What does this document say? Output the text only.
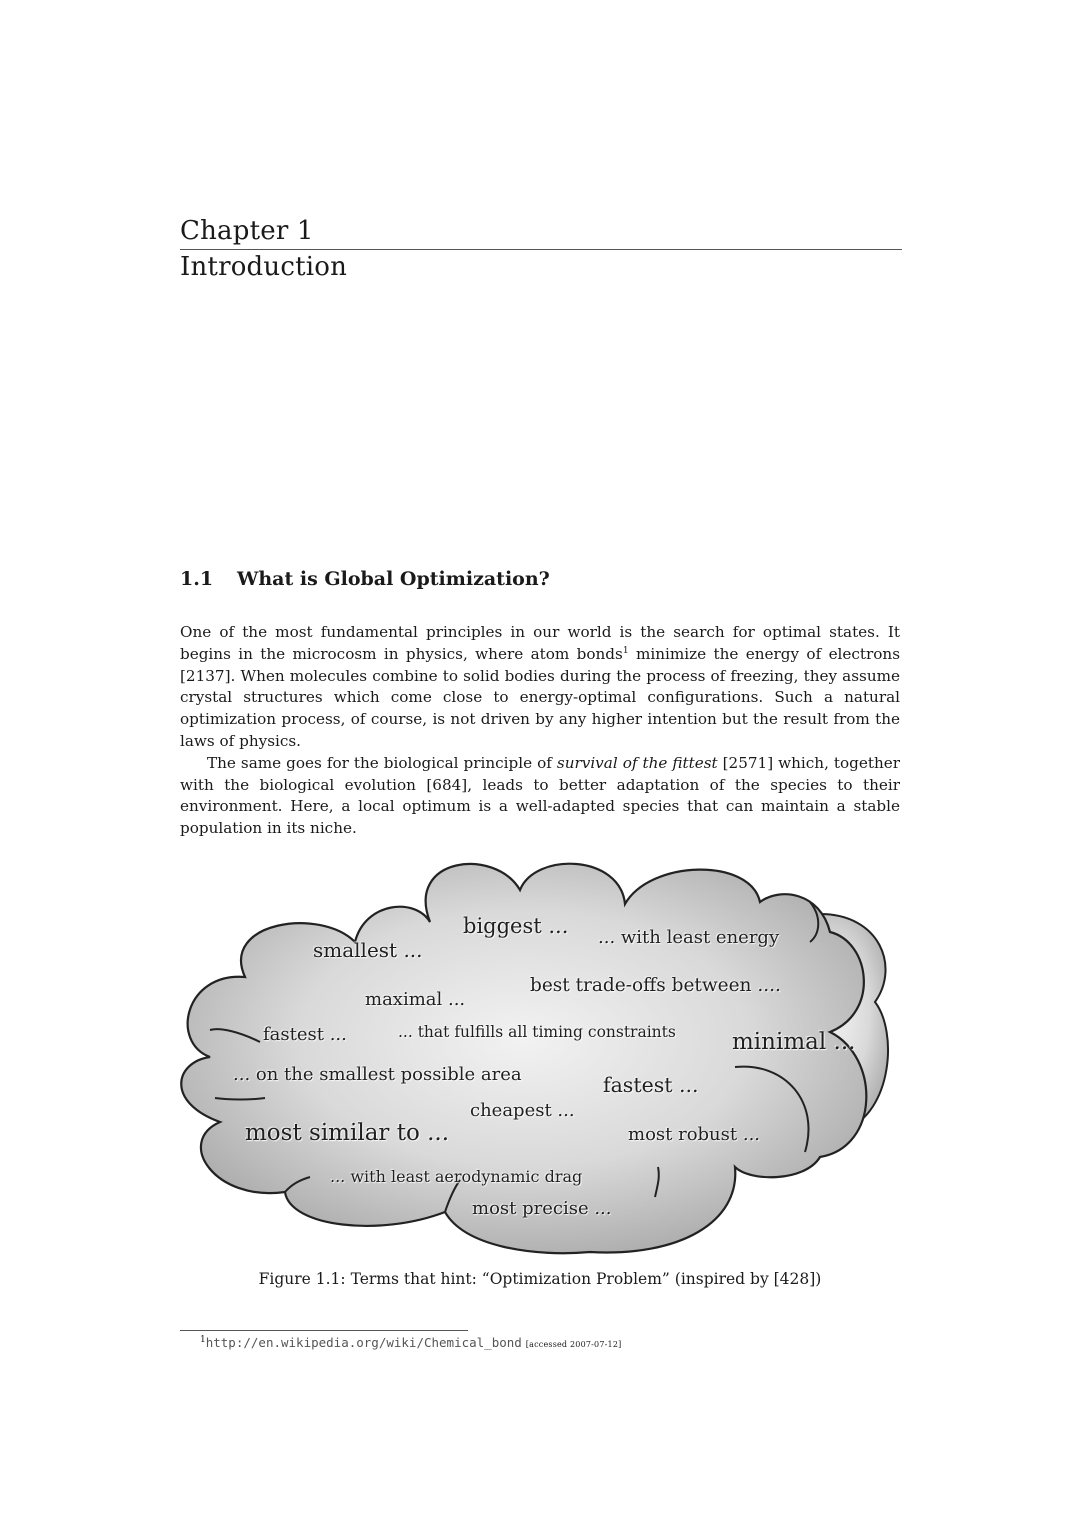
Chapter 1
Introduction
1.1 What is Global Optimization?

One of the most fundamental principles in our world is the search for optimal states. It begins in the microcosm in physics, where atom bonds$^1$ minimize the energy of electrons [2137]. When molecules combine to solid bodies during the process of freezing, they assume crystal structures which come close to energy-optimal configurations. Such a natural optimization process, of course, is not driven by any higher intention but the result from the laws of physics.

The same goes for the biological principle of survival of the fittest [2571] which, together with the biological evolution [684], leads to better adaptation of the species to their environment. Here, a local optimum is a well-adapted species that can maintain a stable population in its niche.

biggest ... ... with least energy
smallest ...
best trade-offs between ....
maximal ...
fastest ...	... that fulfills all timing constraints minimal ...
... on the smallest possible area	fastest ...
cheapest ...
most similar to ...	most robust ...
... with least aerodynamic drag
most precise ...
Figure 1.1: Terms that hint: “Optimization Problem” (inspired by [428])
$^1$http://en.wikipedia.org/wiki/Chemical_bond [accessed 2007-07-12]
